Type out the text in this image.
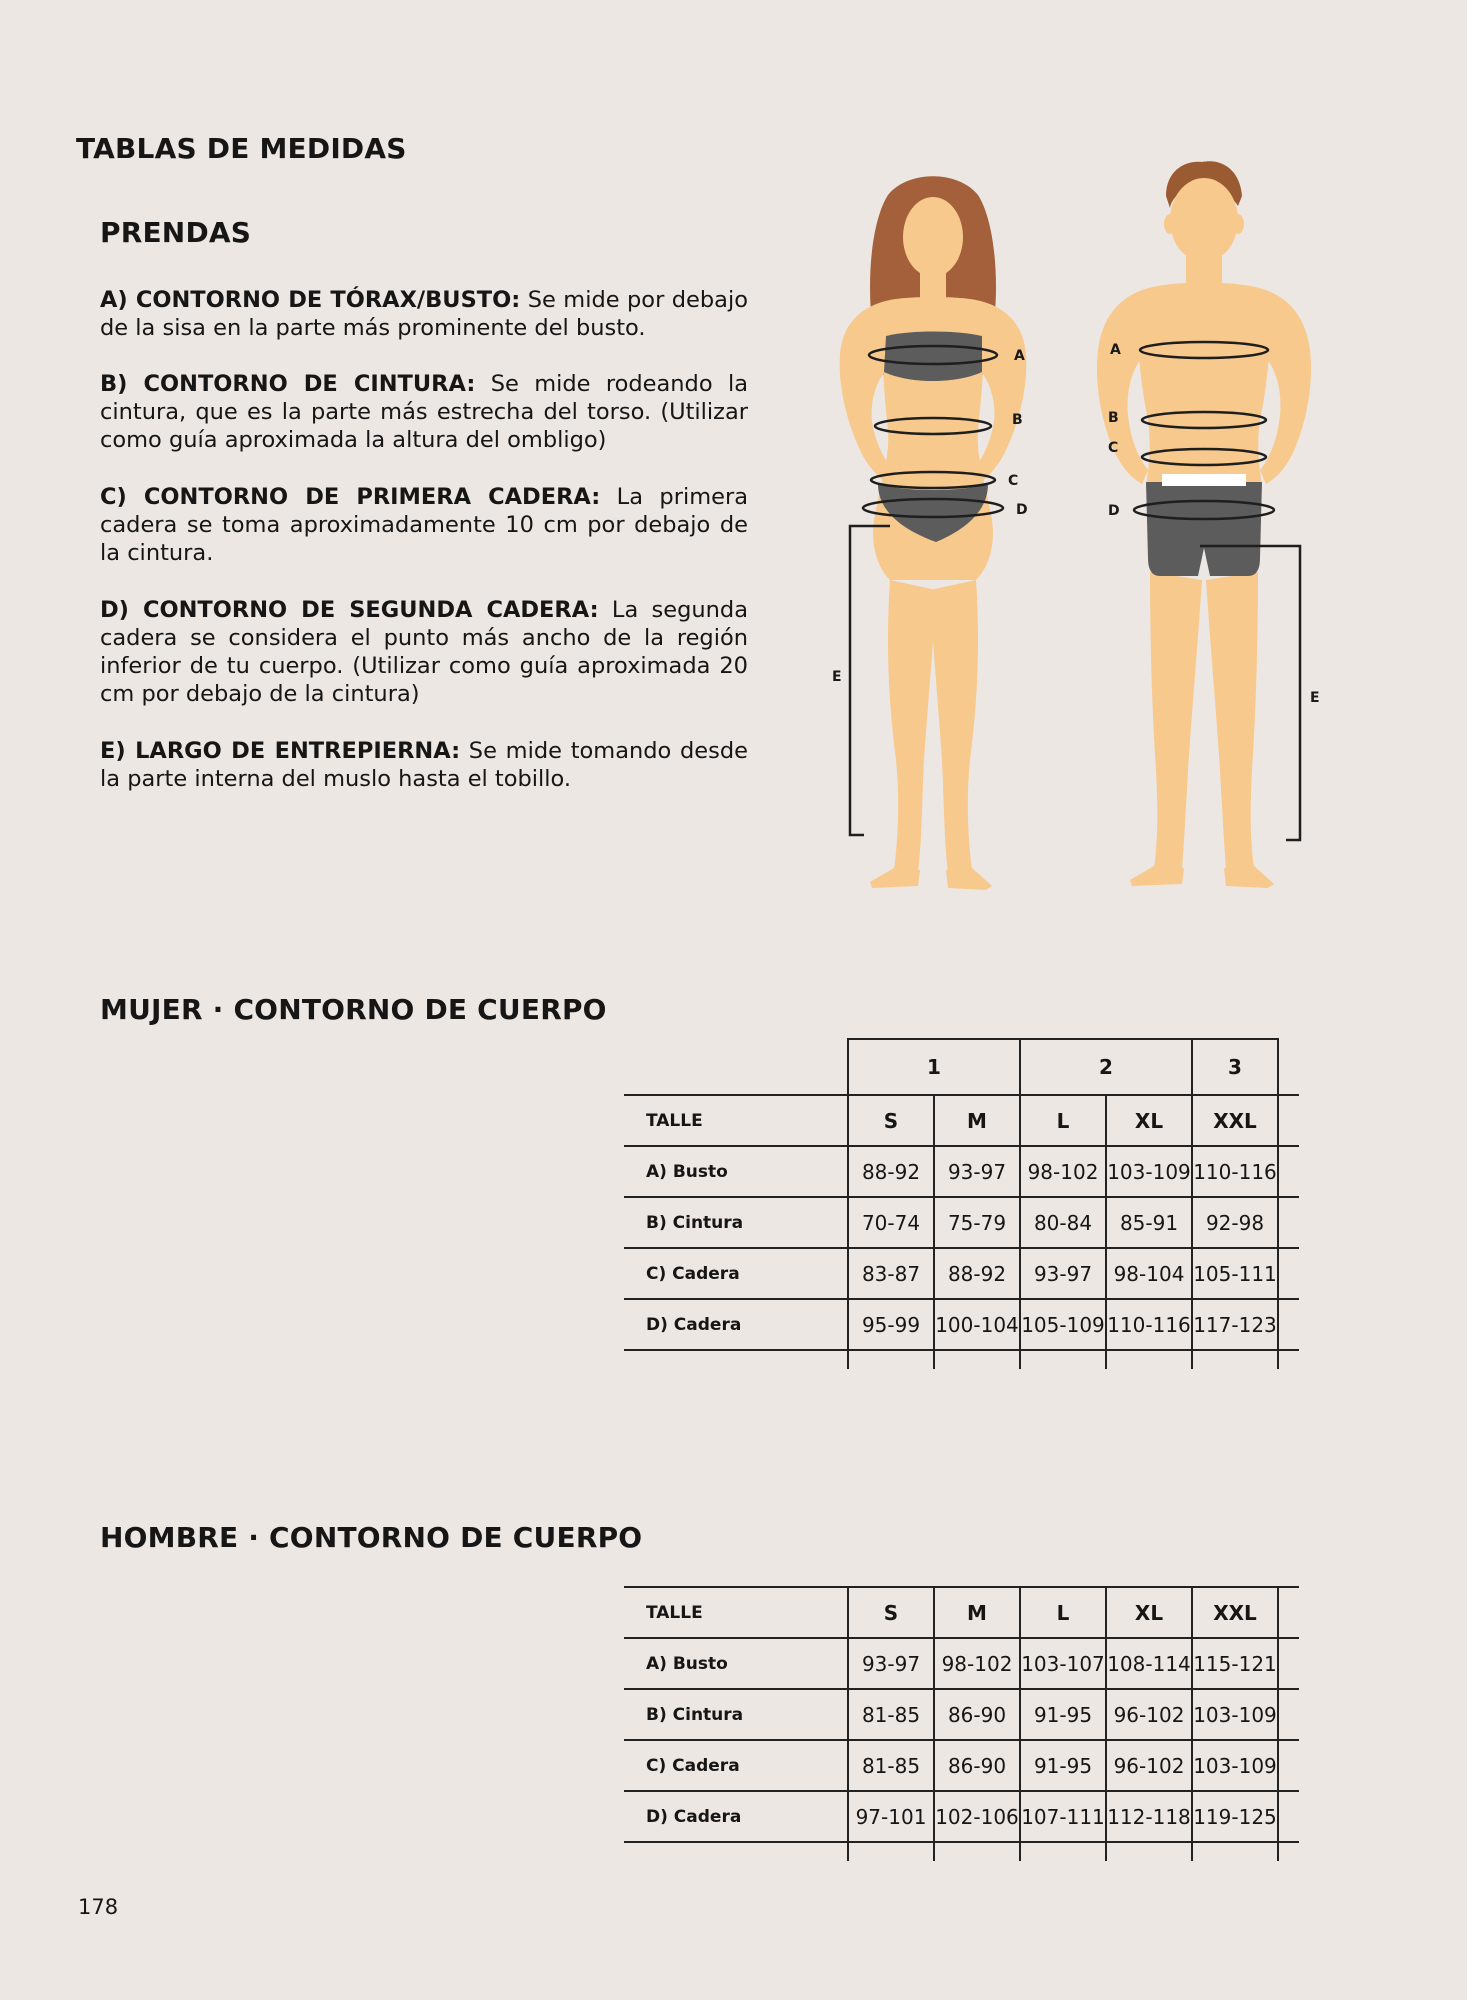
TABLAS DE MEDIDAS
PRENDAS
A) CONTORNO DE TÓRAX/BUSTO: Se mide por debajo de la sisa en la parte más prominente del busto.
B) CONTORNO DE CINTURA: Se mide rodeando la cintura, que es la parte más estrecha del torso. (Utilizar como guía aproximada la altura del ombligo)
C) CONTORNO DE PRIMERA CADERA: La primera cadera se toma aproximadamente 10 cm por debajo de la cintura.
D) CONTORNO DE SEGUNDA CADERA: La segunda cadera se considera el punto más ancho de la región inferior de tu cuerpo. (Utilizar como guía aproximada 20 cm por debajo de la cintura)
E) LARGO DE ENTREPIERNA: Se mide tomando desde la parte interna del muslo hasta el tobillo.
A
B
C
D
E
A
B
C
D
E
MUJER · CONTORNO DE CUERPO
	1		2		3	
TALLE	S	M	L	XL	XXL	
A) Busto	88-92	93-97	98-102	103-109	110-116	
B) Cintura	70-74	75-79	80-84	85-91	92-98	
C) Cadera	83-87	88-92	93-97	98-104	105-111	
D) Cadera	95-99	100-104	105-109	110-116	117-123	

HOMBRE · CONTORNO DE CUERPO
TALLE	S	M	L	XL	XXL	
A) Busto	93-97	98-102	103-107	108-114	115-121	
B) Cintura	81-85	86-90	91-95	96-102	103-109	
C) Cadera	81-85	86-90	91-95	96-102	103-109	
D) Cadera	97-101	102-106	107-111	112-118	119-125	

178
